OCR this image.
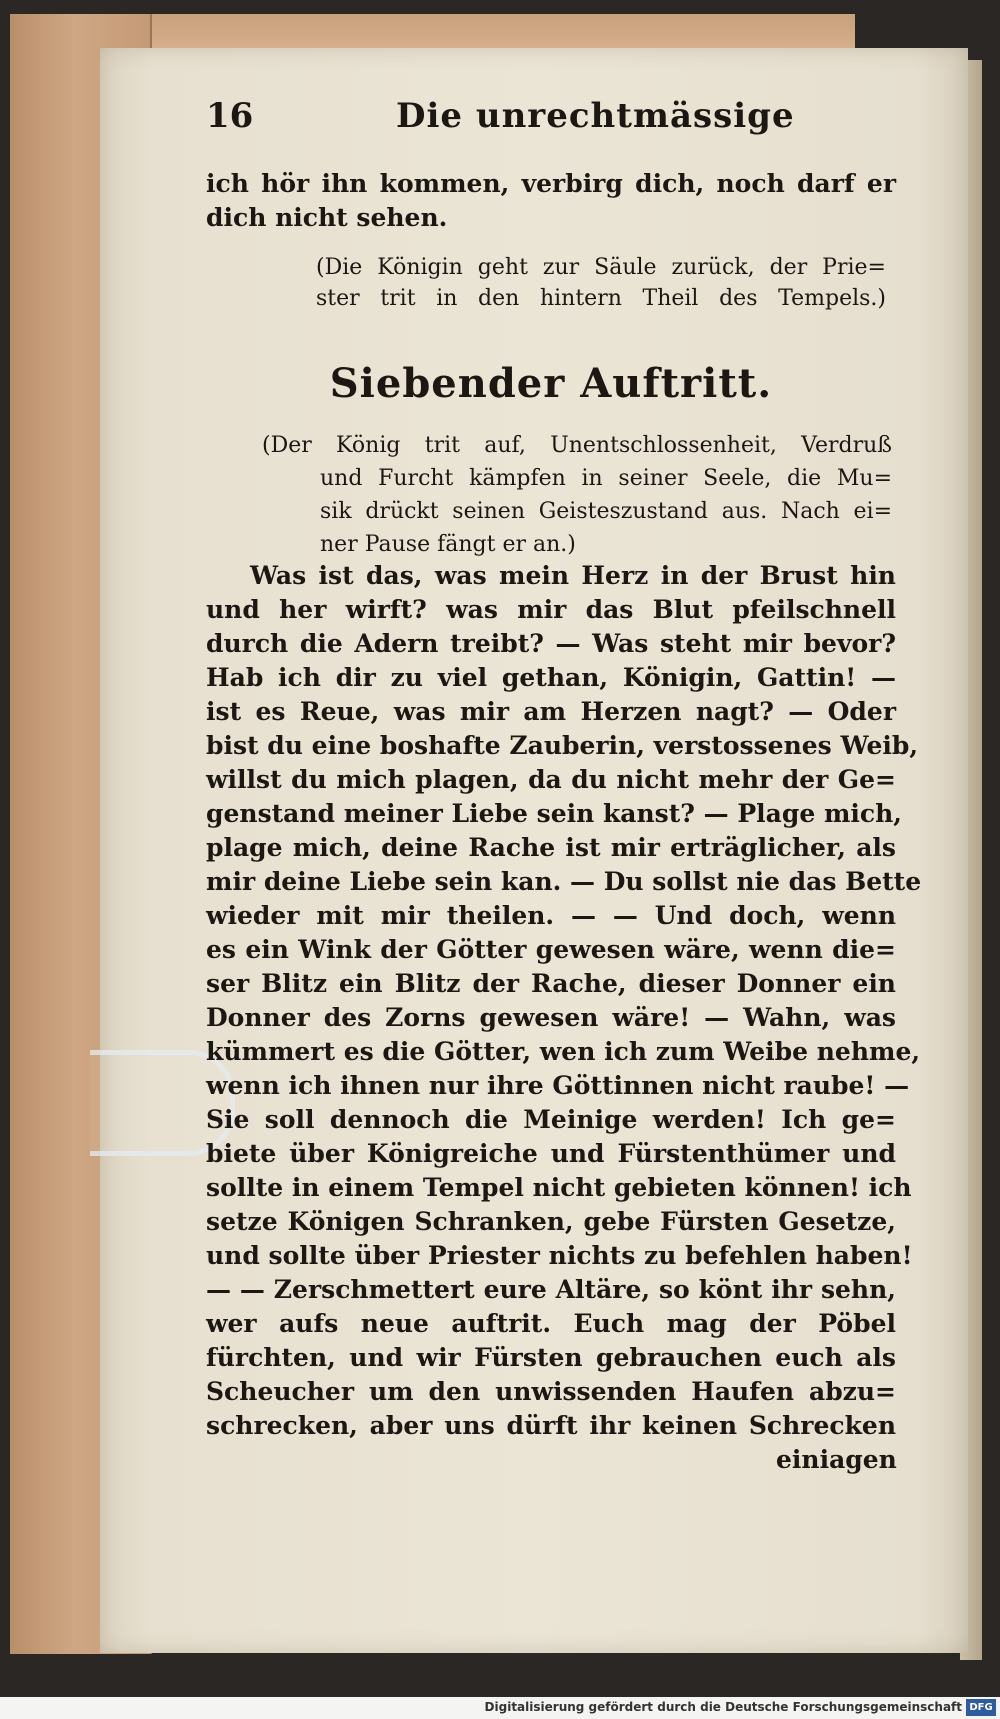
16	Die unrechtmässige
ich hör ihn kommen, verbirg dich, noch darf er
dich nicht sehen.
(Die Königin geht zur Säule zurück, der Prie=
ster trit in den hintern Theil des Tempels.)
Siebender Auftritt.
(Der König trit auf, Unentschlossenheit, Verdruß
und Furcht kämpfen in seiner Seele, die Mu=
sik drückt seinen Geisteszustand aus. Nach ei=
ner Pause fängt er an.)
Was ist das, was mein Herz in der Brust hin
und her wirft? was mir das Blut pfeilschnell
durch die Adern treibt? — Was steht mir bevor?
Hab ich dir zu viel gethan, Königin, Gattin! —
ist es Reue, was mir am Herzen nagt? — Oder
bist du eine boshafte Zauberin, verstossenes Weib,
willst du mich plagen, da du nicht mehr der Ge=
genstand meiner Liebe sein kanst? — Plage mich,
plage mich, deine Rache ist mir erträglicher, als
mir deine Liebe sein kan. — Du sollst nie das Bette
wieder mit mir theilen. — — Und doch, wenn
es ein Wink der Götter gewesen wäre, wenn die=
ser Blitz ein Blitz der Rache, dieser Donner ein
Donner des Zorns gewesen wäre! — Wahn, was
kümmert es die Götter, wen ich zum Weibe nehme,
wenn ich ihnen nur ihre Göttinnen nicht raube! —
Sie soll dennoch die Meinige werden! Ich ge=
biete über Königreiche und Fürstenthümer und
sollte in einem Tempel nicht gebieten können! ich
setze Königen Schranken, gebe Fürsten Gesetze,
und sollte über Priester nichts zu befehlen haben!
— — Zerschmettert eure Altäre, so könt ihr sehn,
wer aufs neue auftrit. Euch mag der Pöbel
fürchten, und wir Fürsten gebrauchen euch als
Scheucher um den unwissenden Haufen abzu=
schrecken, aber uns dürft ihr keinen Schrecken
einiagen
Digitalisierung gefördert durch die Deutsche Forschungsgemeinschaft DFG
